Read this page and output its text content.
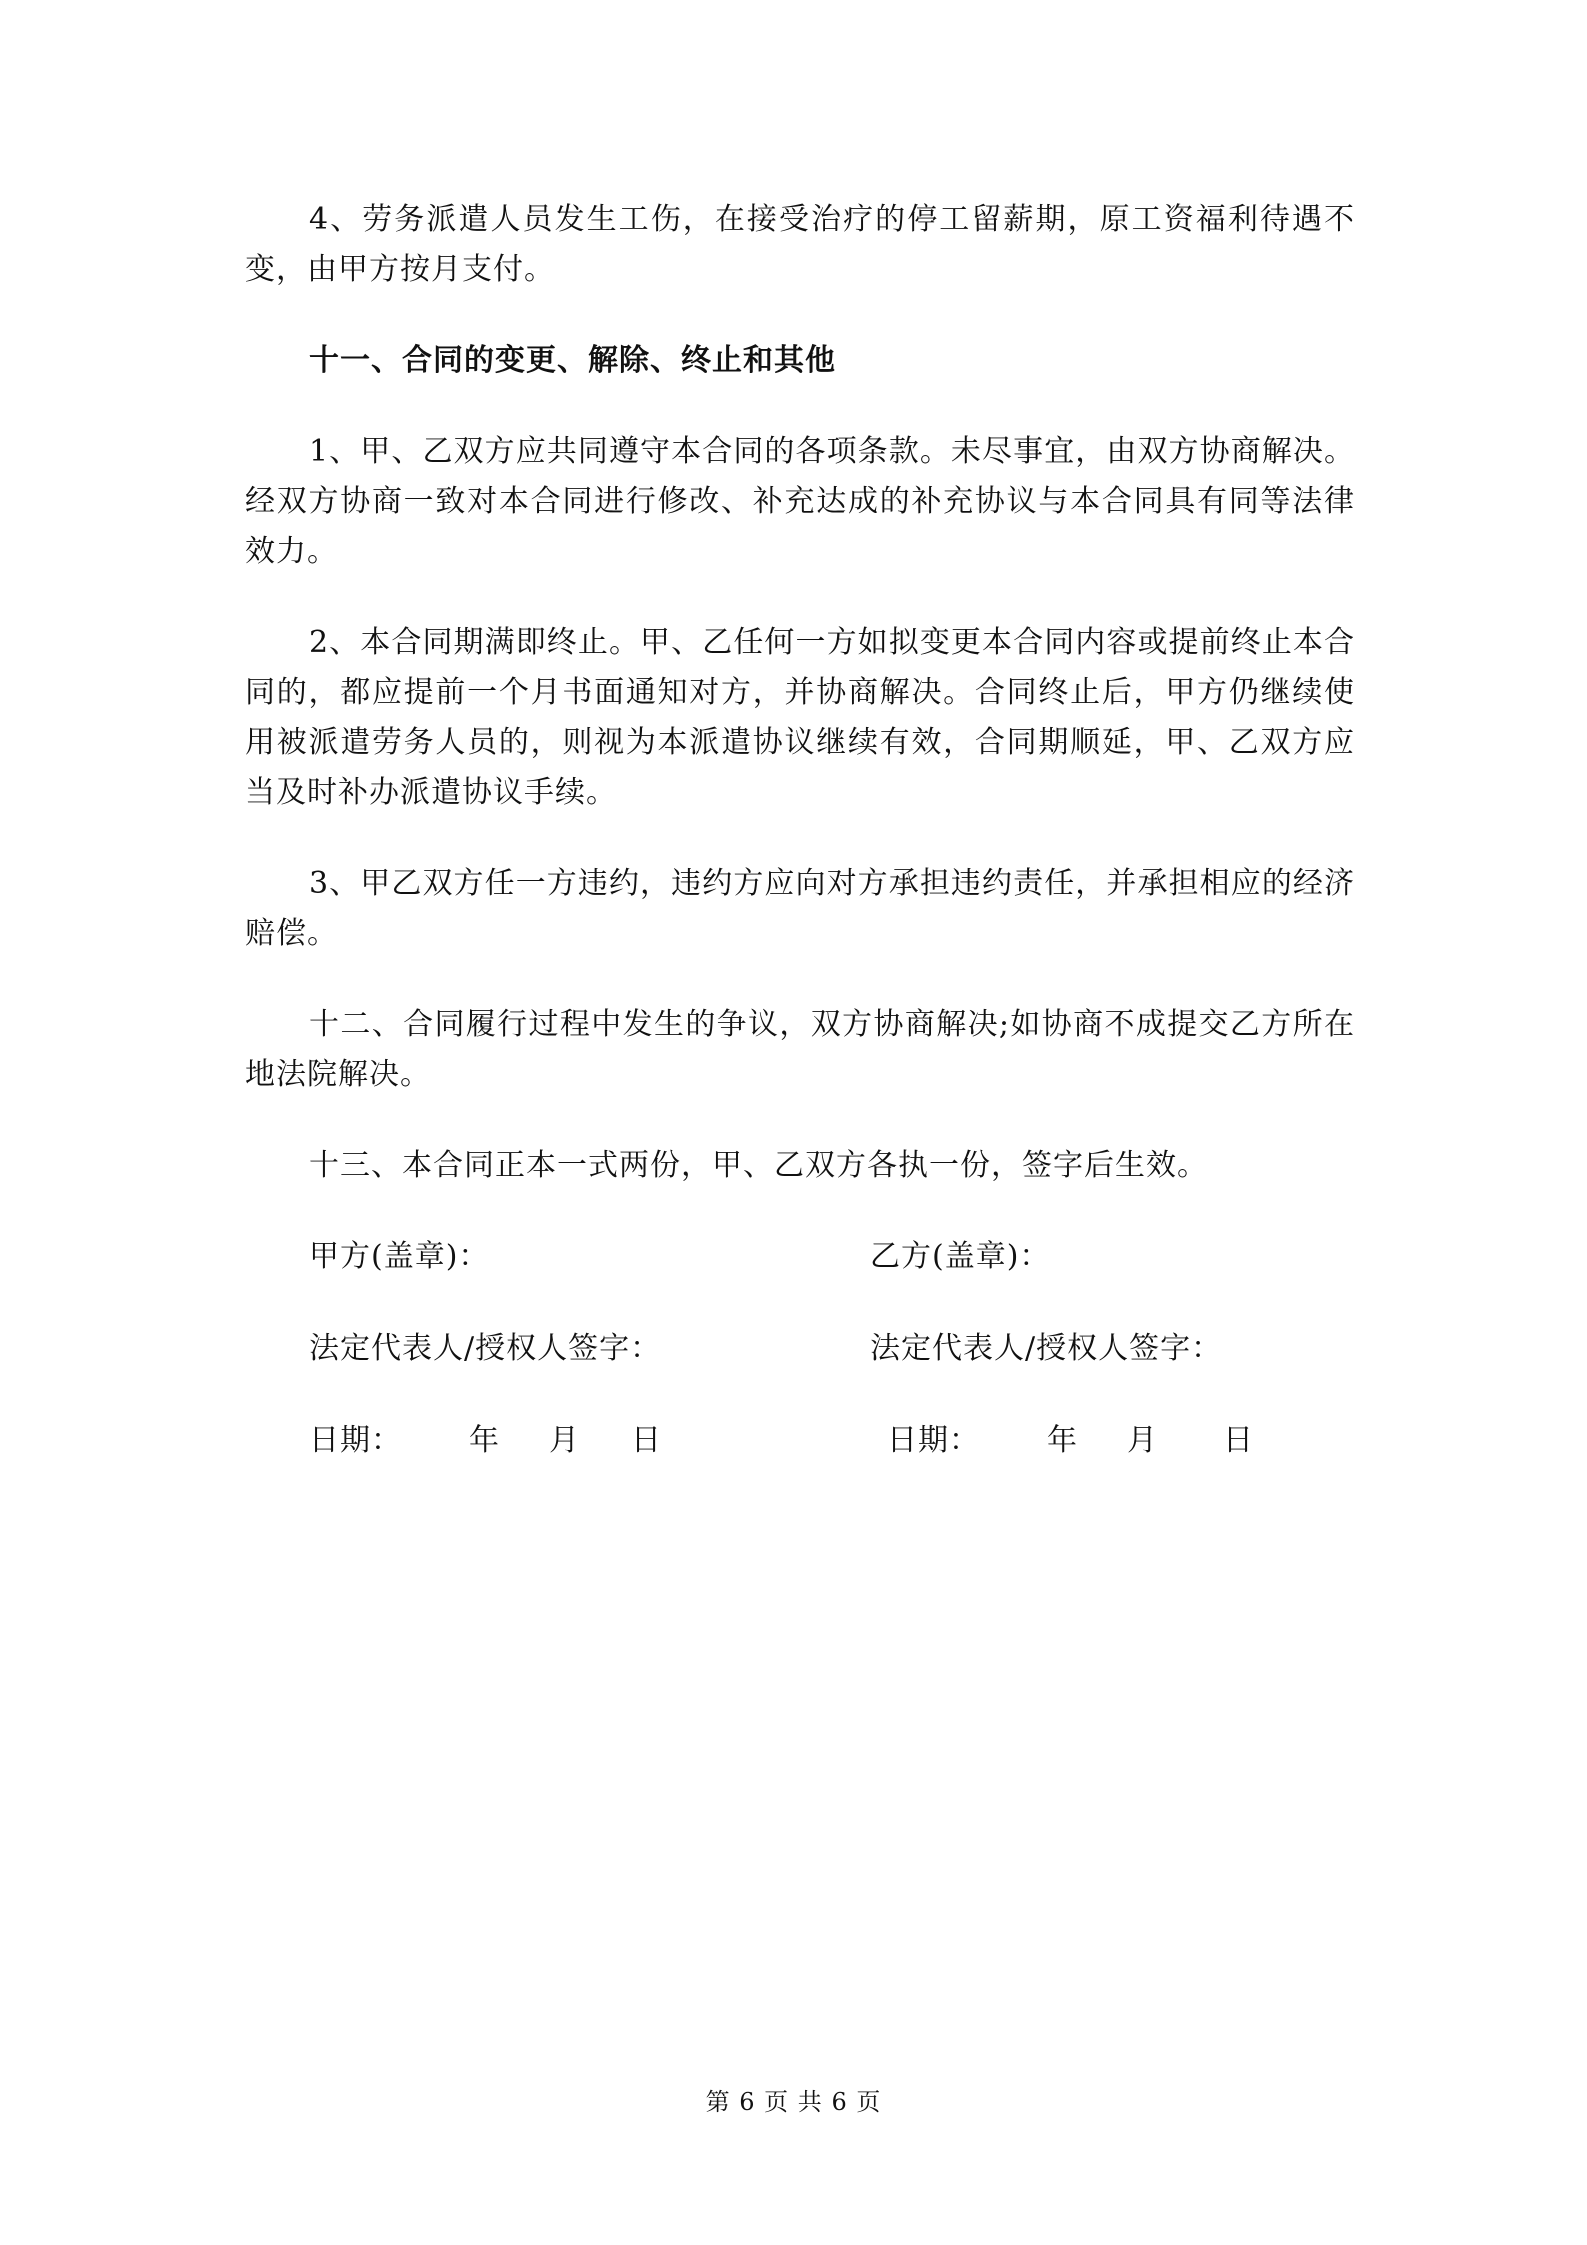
4、劳务派遣人员发生工伤，在接受治疗的停工留薪期，原工资福利待遇不变，由甲方按月支付。

十一、合同的变更、解除、终止和其他

1、甲、乙双方应共同遵守本合同的各项条款。未尽事宜，由双方协商解决。经双方协商一致对本合同进行修改、补充达成的补充协议与本合同具有同等法律效力。

2、本合同期满即终止。甲、乙任何一方如拟变更本合同内容或提前终止本合同的，都应提前一个月书面通知对方，并协商解决。合同终止后，甲方仍继续使用被派遣劳务人员的，则视为本派遣协议继续有效，合同期顺延，甲、乙双方应当及时补办派遣协议手续。

3、甲乙双方任一方违约，违约方应向对方承担违约责任，并承担相应的经济赔偿。

十二、合同履行过程中发生的争议，双方协商解决;如协商不成提交乙方所在地法院解决。

十三、本合同正本一式两份，甲、乙双方各执一份，签字后生效。

甲方(盖章)：	乙方(盖章)：
法定代表人/授权人签字：	法定代表人/授权人签字：
日期： 年 月 日	日期： 年 月 日
第 6 页 共 6 页
